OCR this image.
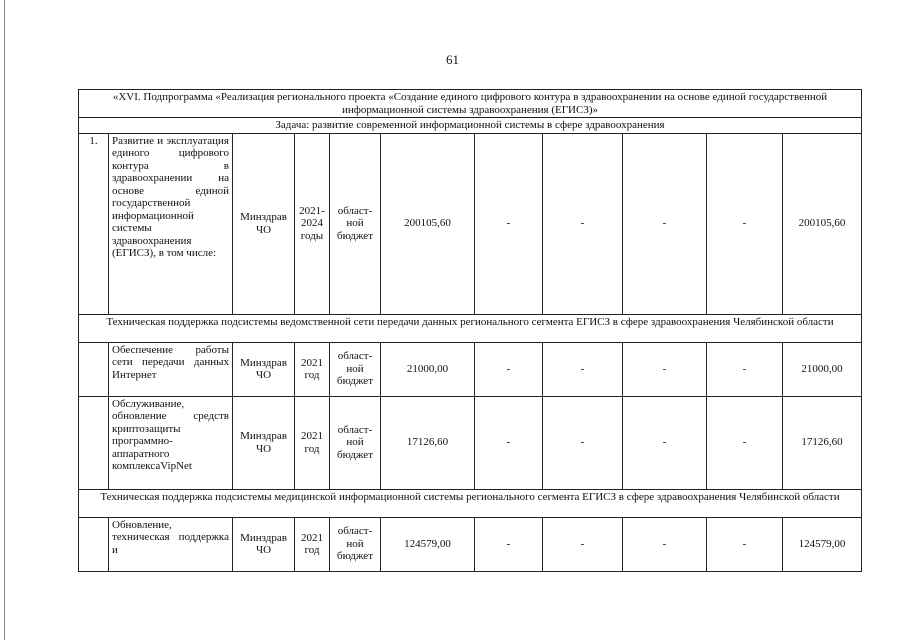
61
«XVI. Подпрограмма «Реализация регионального проекта «Создание единого цифрового контура в здравоохранении на основе единой государственной информационной системы здравоохранения (ЕГИСЗ)»										
Задача: развитие современной информационной системы в сфере здравоохранения										
1.	Развитие и эксплуатация единого цифрового контура в здравоохранении на основе единой государственной информационной системы здравоохранения (ЕГИСЗ), в том числе:	Минздрав ЧО	2021-2024 годы	област-ной бюджет	200105,60	-	-	-	-	200105,60
Техническая поддержка подсистемы ведомственной сети передачи данных регионального сегмента ЕГИСЗ в сфере здравоохранения Челябинской области										
	Обеспечение работы сети передачи данных Интернет	Минздрав ЧО	2021 год	област-ной бюджет	21000,00	-	-	-	-	21000,00
	Обслуживание, обновление средств криптозащиты программно-аппаратного комплексаVipNet	Минздрав ЧО	2021 год	област-ной бюджет	17126,60	-	-	-	-	17126,60
Техническая поддержка подсистемы медицинской информационной системы регионального сегмента ЕГИСЗ в сфере здравоохранения Челябинской области										
	Обновление, техническая поддержка и	Минздрав ЧО	2021 год	област-ной бюджет	124579,00	-	-	-	-	124579,00
